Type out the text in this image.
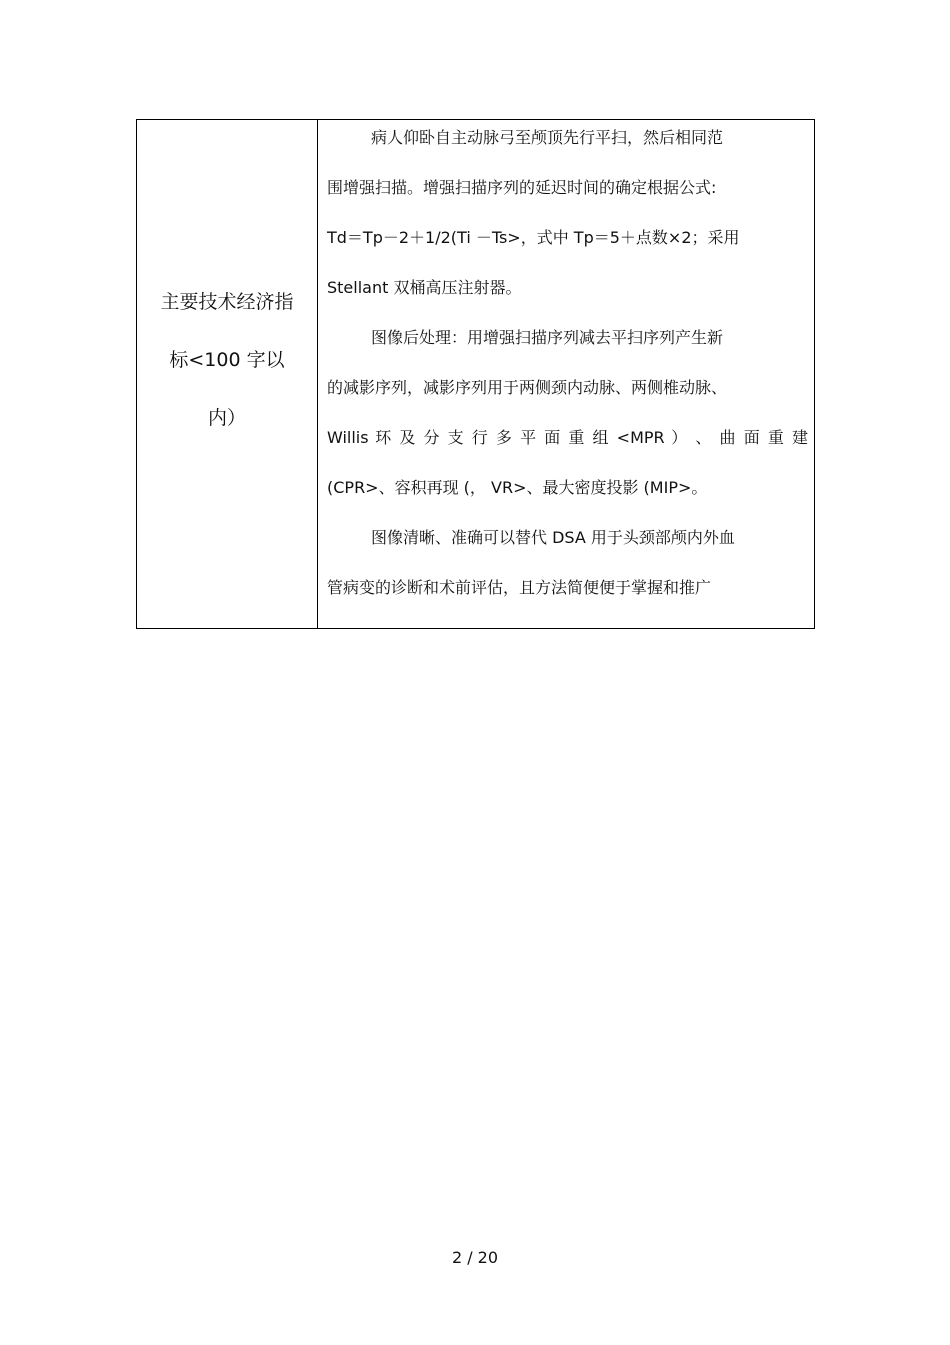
主要技术经济指
标<100 字以
内）

病人仰卧自主动脉弓至颅顶先行平扫，然后相同范
围增强扫描。增强扫描序列的延迟时间的确定根据公式:
Td＝Tp－2＋1/2(Ti －Ts>，式中 Tp＝5＋点数×2；采用
Stellant 双桶高压注射器。
图像后处理：用增强扫描序列减去平扫序列产生新
的减影序列，减影序列用于两侧颈内动脉、两侧椎动脉、
Willis 环 及 分 支 行 多 平 面 重 组 <MPR ） 、 曲 面 重 建
(CPR>、容积再现 (， VR>、最大密度投影 (MIP>。
图像清晰、准确可以替代 DSA 用于头颈部颅内外血
管病变的诊断和术前评估，且方法简便便于掌握和推广
2 / 20
